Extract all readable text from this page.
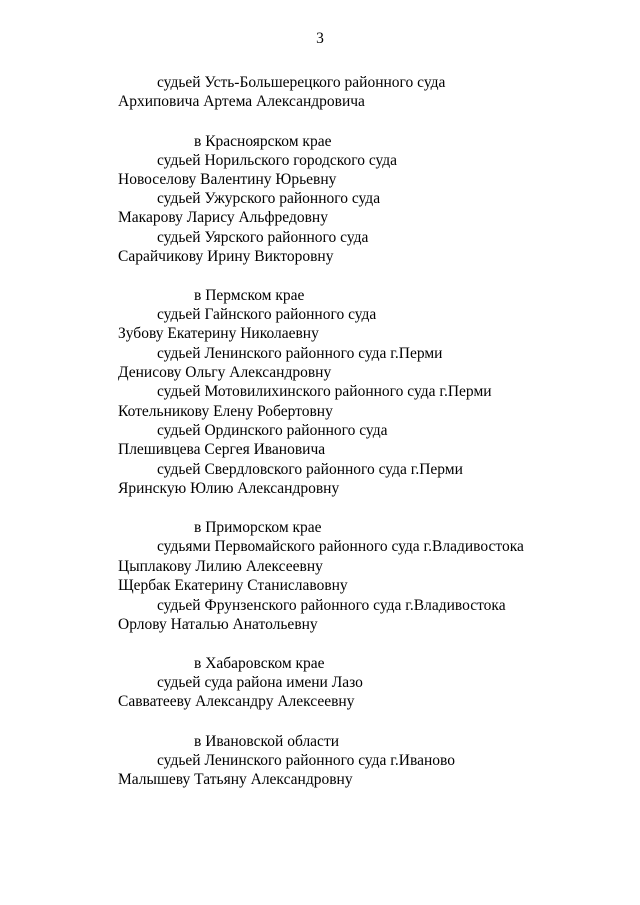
3
судьей Усть-Большерецкого районного суда
Архиповича Артема Александровича
в Красноярском крае
судьей Норильского городского суда
Новоселову Валентину Юрьевну
судьей Ужурского районного суда
Макарову Ларису Альфредовну
судьей Уярского районного суда
Сарайчикову Ирину Викторовну
в Пермском крае
судьей Гайнского районного суда
Зубову Екатерину Николаевну
судьей Ленинского районного суда г.Перми
Денисову Ольгу Александровну
судьей Мотовилихинского районного суда г.Перми
Котельникову Елену Робертовну
судьей Ординского районного суда
Плешивцева Сергея Ивановича
судьей Свердловского районного суда г.Перми
Яринскую Юлию Александровну
в Приморском крае
судьями Первомайского районного суда г.Владивостока
Цыплакову Лилию Алексеевну
Щербак Екатерину Станиславовну
судьей Фрунзенского районного суда г.Владивостока
Орлову Наталью Анатольевну
в Хабаровском крае
судьей суда района имени Лазо
Савватееву Александру Алексеевну
в Ивановской области
судьей Ленинского районного суда г.Иваново
Малышеву Татьяну Александровну
